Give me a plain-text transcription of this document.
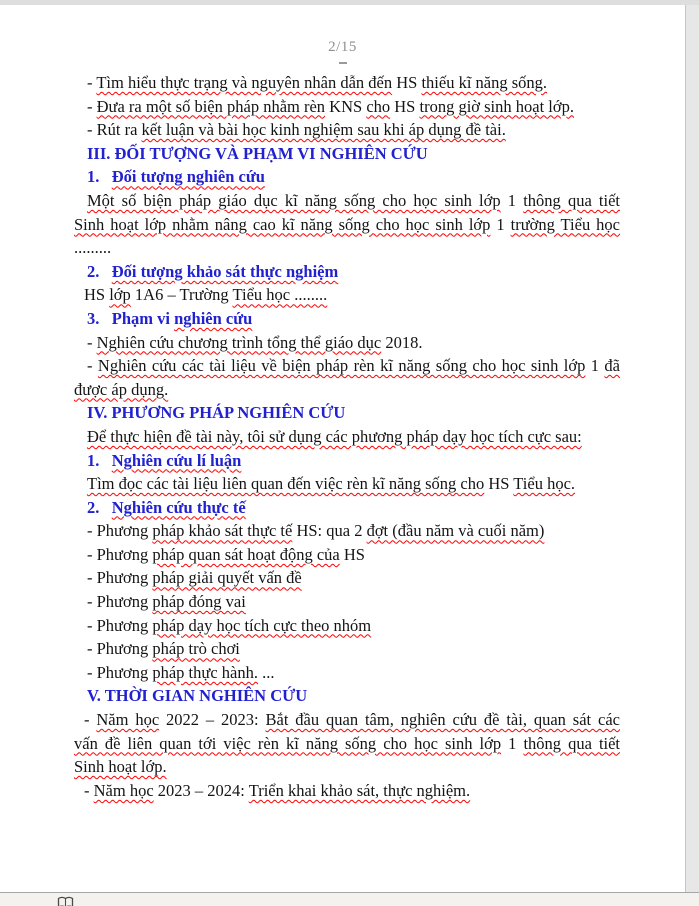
2/15
- Tìm hiểu thực trạng và nguyên nhân dẫn đến HS thiếu kĩ năng sống.
- Đưa ra một số biện pháp nhằm rèn KNS cho HS trong giờ sinh hoạt lớp.
- Rút ra kết luận và bài học kinh nghiệm sau khi áp dụng đề tài.
III. ĐỐI TƯỢNG VÀ PHẠM VI NGHIÊN CỨU
1.   Đối tượng nghiên cứu
Một số biện pháp giáo dục kĩ năng sống cho học sinh lớp 1 thông qua tiết
Sinh hoạt lớp nhằm nâng cao kĩ năng sống cho học sinh lớp 1 trường Tiểu học
.........
2.   Đối tượng khảo sát thực nghiệm
HS lớp 1A6 – Trường Tiểu học ........
3.   Phạm vi nghiên cứu
- Nghiên cứu chương trình tổng thể giáo dục 2018.
- Nghiên cứu các tài liệu về biện pháp rèn kĩ năng sống cho học sinh lớp 1 đã
được áp dụng.
IV. PHƯƠNG PHÁP NGHIÊN CỨU
Để thực hiện đề tài này, tôi sử dụng các phương pháp dạy học tích cực sau:
1.   Nghiên cứu lí luận
Tìm đọc các tài liệu liên quan đến việc rèn kĩ năng sống cho HS Tiểu học.
2.   Nghiên cứu thực tế
- Phương pháp khảo sát thực tế HS: qua 2 đợt (đầu năm và cuối năm)
- Phương pháp quan sát hoạt động của HS
- Phương pháp giải quyết vấn đề
- Phương pháp đóng vai
- Phương pháp dạy học tích cực theo nhóm
- Phương pháp trò chơi
- Phương pháp thực hành. ...
V. THỜI GIAN NGHIÊN CỨU
- Năm học 2022 – 2023: Bắt đầu quan tâm, nghiên cứu đề tài, quan sát các
vấn đề liên quan tới việc rèn kĩ năng sống cho học sinh lớp 1 thông qua tiết
Sinh hoạt lớp.
- Năm học 2023 – 2024: Triển khai khảo sát, thực nghiệm.
